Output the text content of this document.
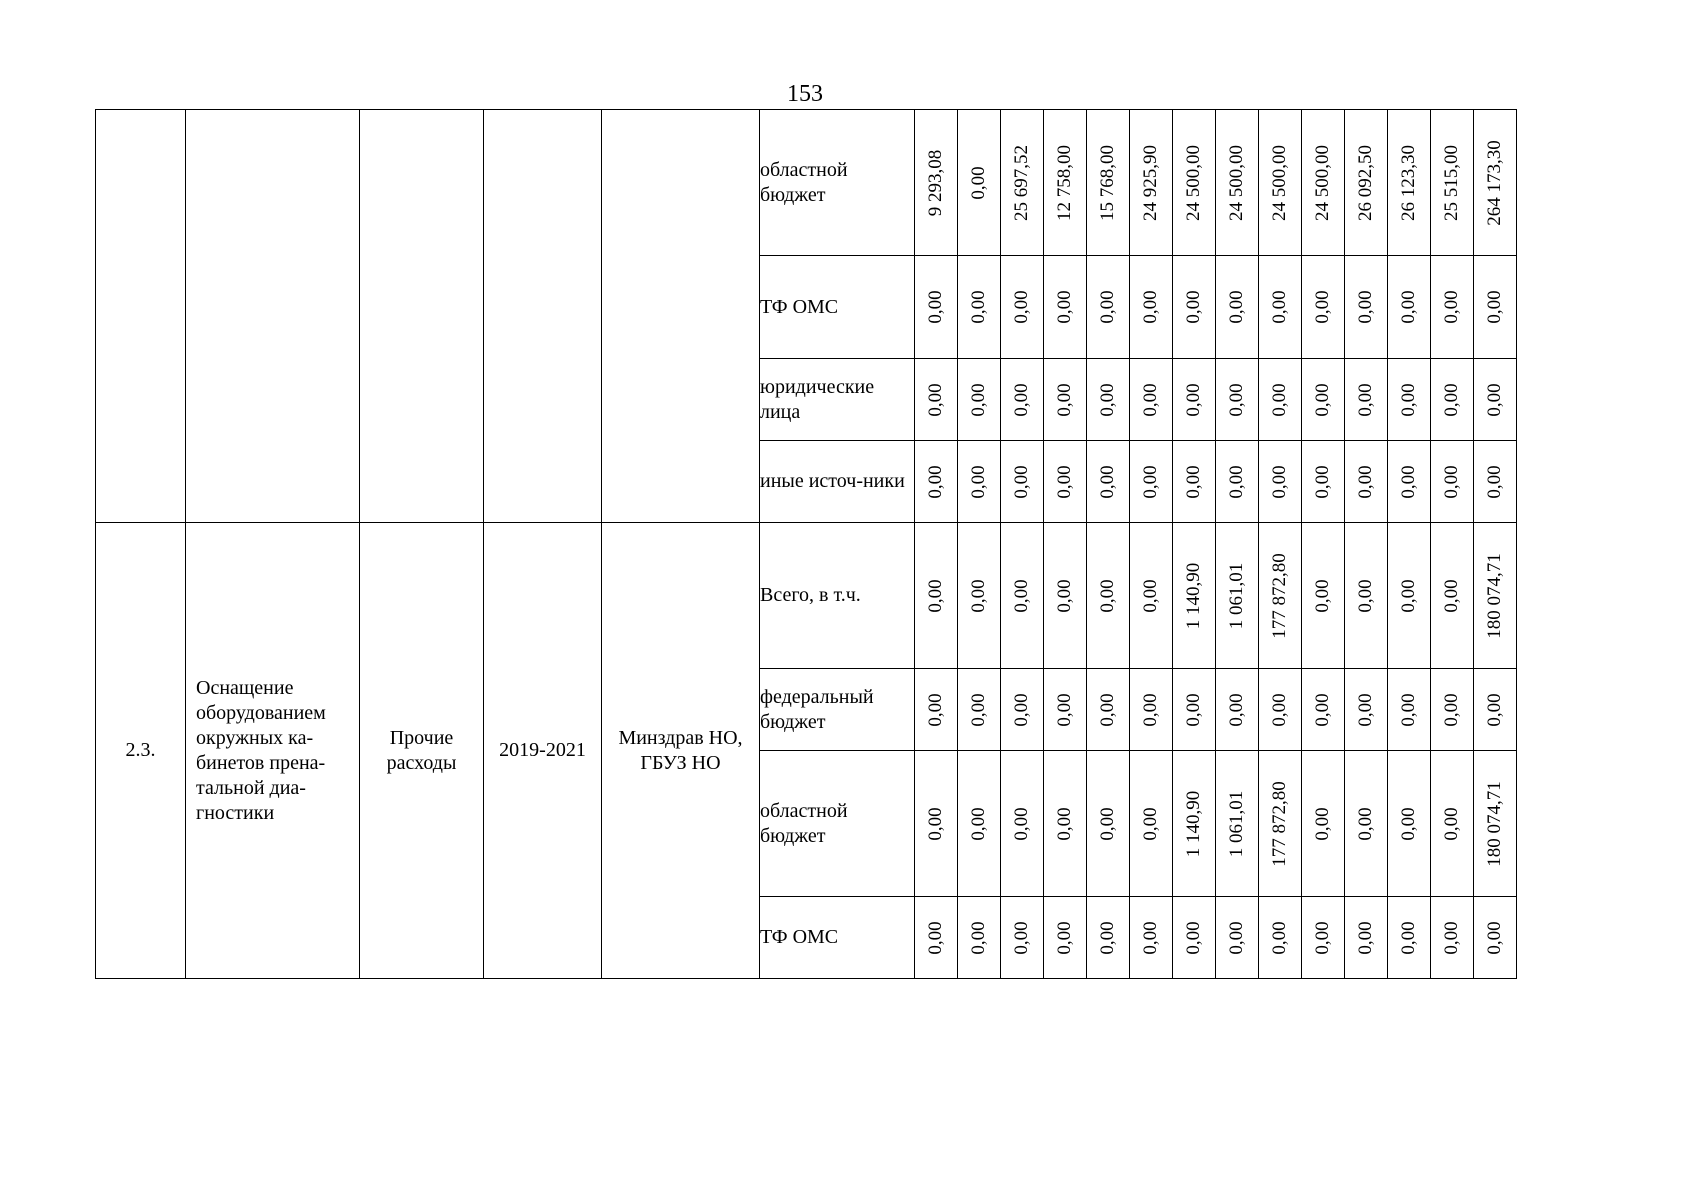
153
					областной бюджет	9 293,08	0,00	25 697,52	12 758,00	15 768,00	24 925,90	24 500,00	24 500,00	24 500,00	24 500,00	26 092,50	26 123,30	25 515,00	264 173,30

					ТФ ОМС	0,00	0,00	0,00	0,00	0,00	0,00	0,00	0,00	0,00	0,00	0,00	0,00	0,00	0,00

					юридические лица	0,00	0,00	0,00	0,00	0,00	0,00	0,00	0,00	0,00	0,00	0,00	0,00	0,00	0,00

					иные источ-ники	0,00	0,00	0,00	0,00	0,00	0,00	0,00	0,00	0,00	0,00	0,00	0,00	0,00	0,00

2.3.	Оснащение оборудованием окружных ка-бинетов прена-тальной диа-гностики	Прочие расходы	2019-2021	Минздрав НО, ГБУЗ НО	Всего, в т.ч.	0,00	0,00	0,00	0,00	0,00	0,00	1 140,90	1 061,01	177 872,80	0,00	0,00	0,00	0,00	180 074,71

					федеральный бюджет	0,00	0,00	0,00	0,00	0,00	0,00	0,00	0,00	0,00	0,00	0,00	0,00	0,00	0,00

					областной бюджет	0,00	0,00	0,00	0,00	0,00	0,00	1 140,90	1 061,01	177 872,80	0,00	0,00	0,00	0,00	180 074,71

					ТФ ОМС	0,00	0,00	0,00	0,00	0,00	0,00	0,00	0,00	0,00	0,00	0,00	0,00	0,00	0,00
